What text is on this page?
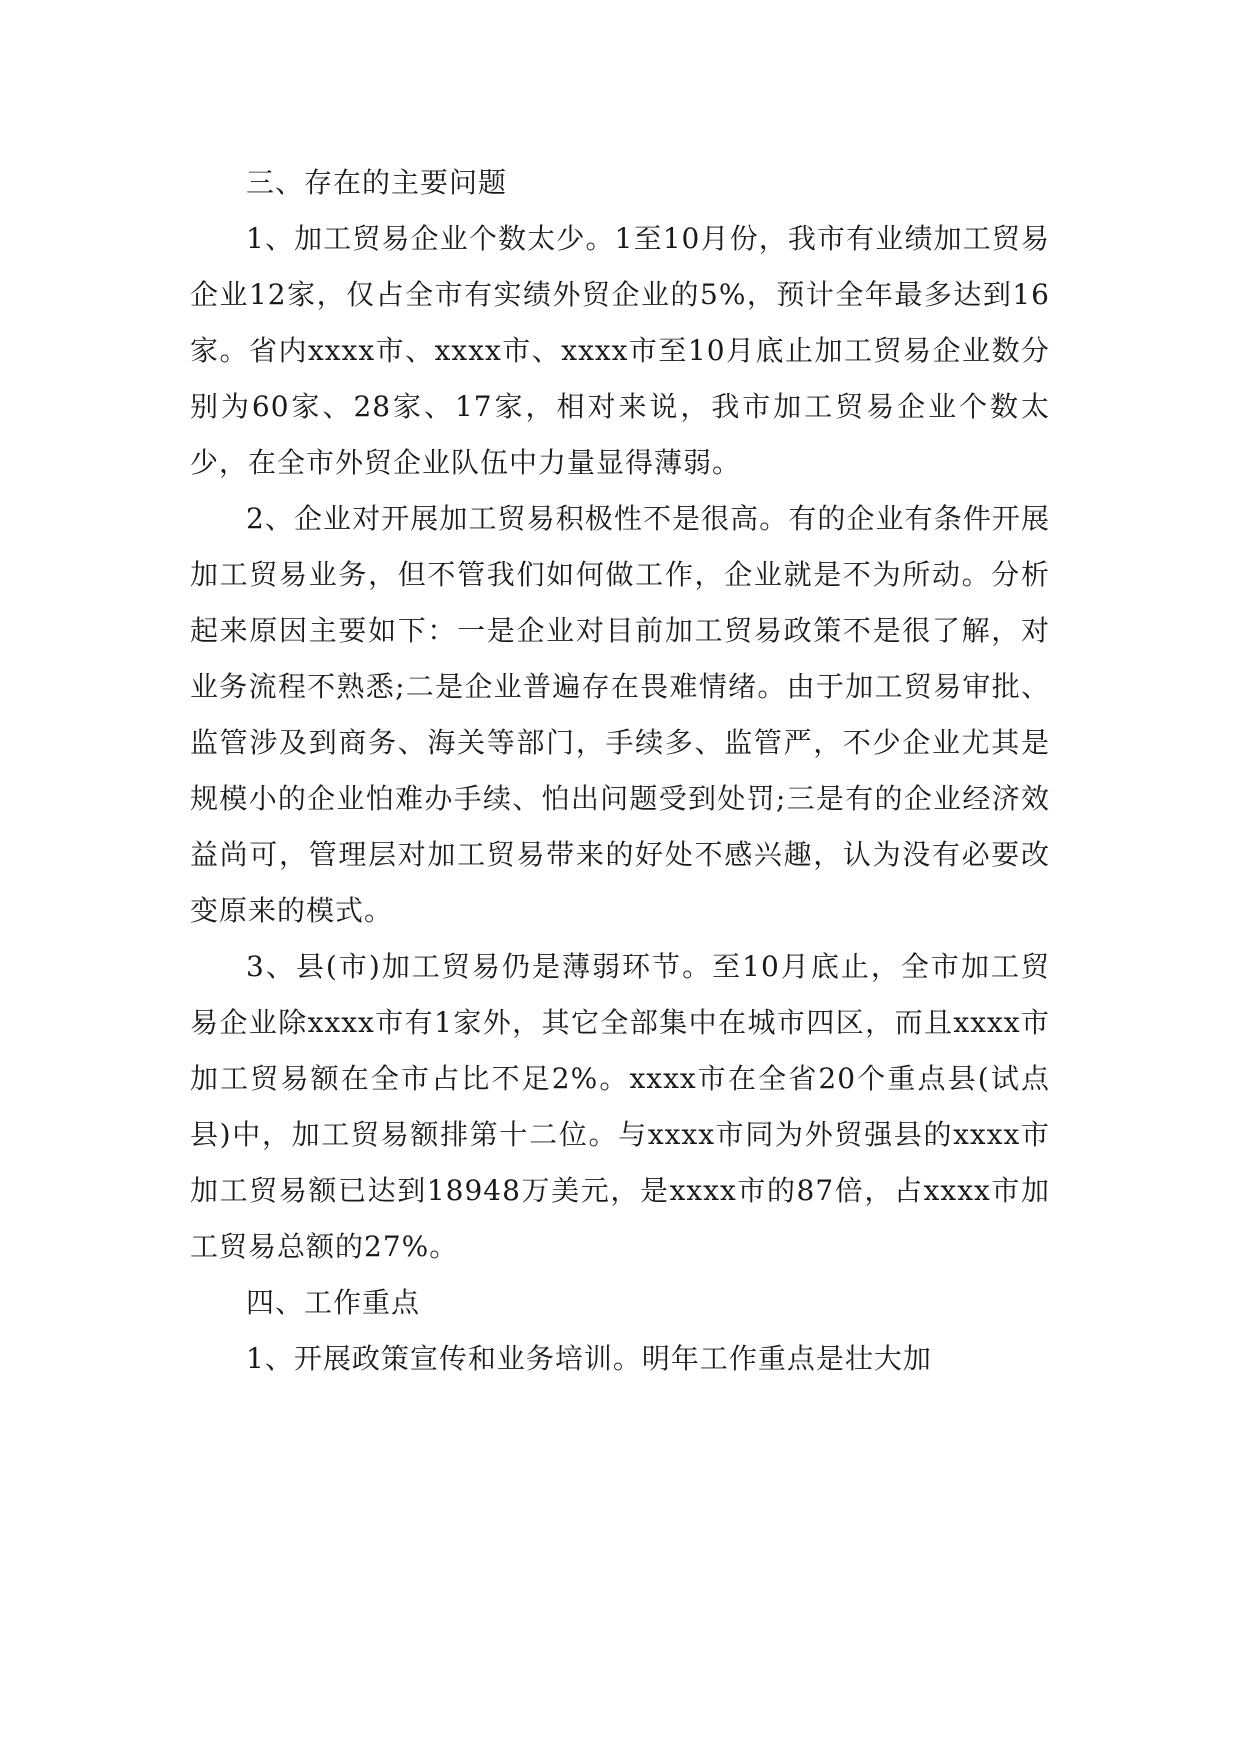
三、存在的主要问题

1、加工贸易企业个数太少。1至10月份，我市有业绩加工贸易企业12家，仅占全市有实绩外贸企业的5%，预计全年最多达到16家。省内xxxx市、xxxx市、xxxx市至10月底止加工贸易企业数分别为60家、28家、17家，相对来说，我市加工贸易企业个数太少，在全市外贸企业队伍中力量显得薄弱。

2、企业对开展加工贸易积极性不是很高。有的企业有条件开展加工贸易业务，但不管我们如何做工作，企业就是不为所动。分析起来原因主要如下：一是企业对目前加工贸易政策不是很了解，对业务流程不熟悉;二是企业普遍存在畏难情绪。由于加工贸易审批、监管涉及到商务、海关等部门，手续多、监管严，不少企业尤其是规模小的企业怕难办手续、怕出问题受到处罚;三是有的企业经济效益尚可，管理层对加工贸易带来的好处不感兴趣，认为没有必要改变原来的模式。

3、县(市)加工贸易仍是薄弱环节。至10月底止，全市加工贸易企业除xxxx市有1家外，其它全部集中在城市四区，而且xxxx市加工贸易额在全市占比不足2%。xxxx市在全省20个重点县(试点县)中，加工贸易额排第十二位。与xxxx市同为外贸强县的xxxx市加工贸易额已达到18948万美元，是xxxx市的87倍，占xxxx市加工贸易总额的27%。

四、工作重点

1、开展政策宣传和业务培训。明年工作重点是壮大加
